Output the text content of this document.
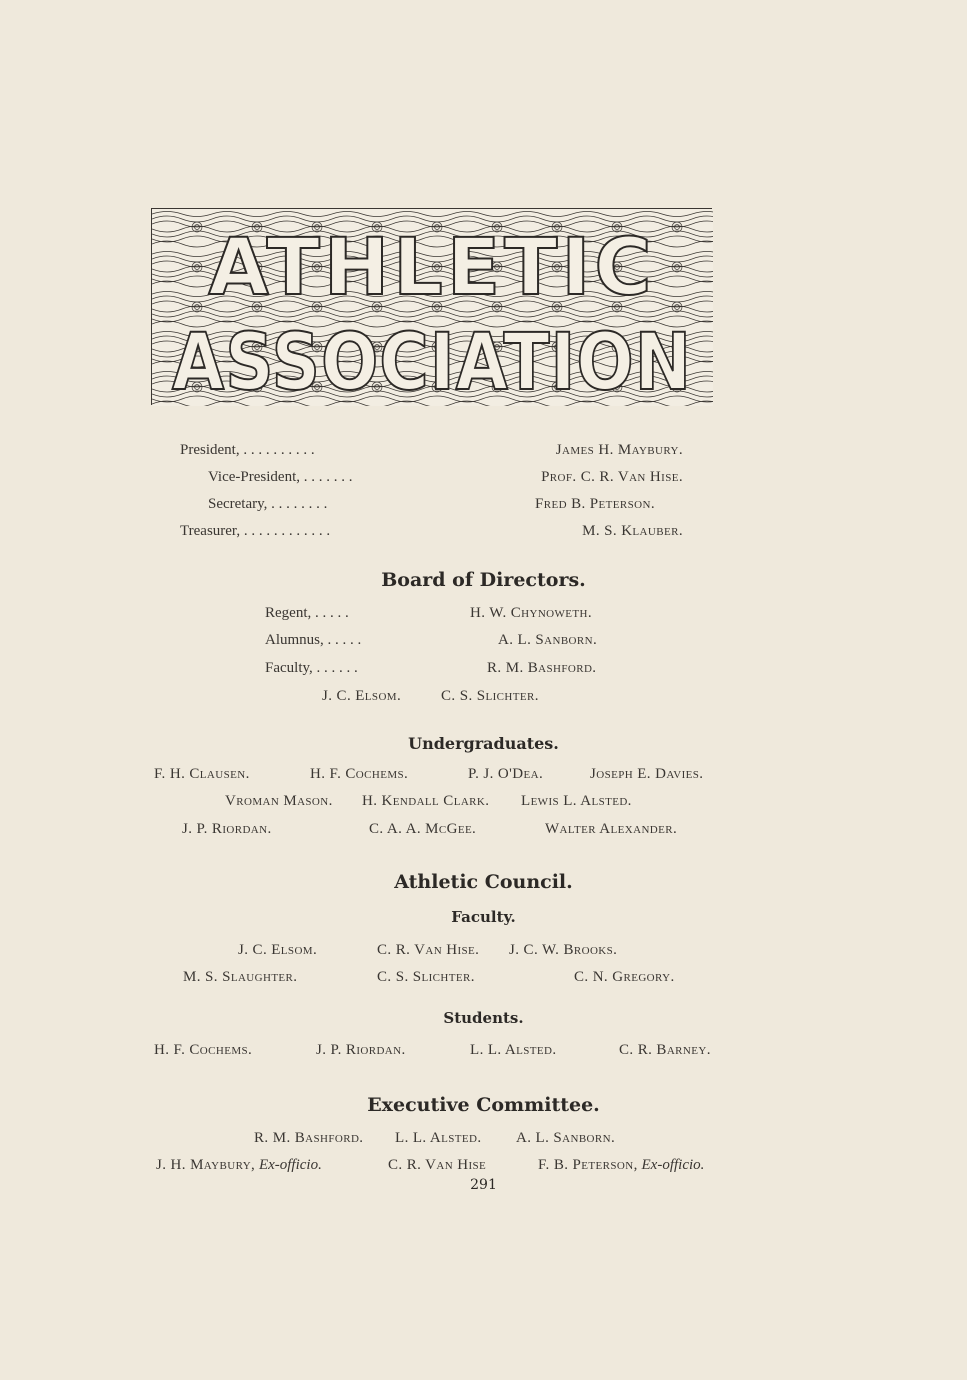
ATHLETIC
ASSOCIATION
President, . . . . . . . . . .	James H. Maybury.
Vice-President, . . . . . . .	Prof. C. R. Van Hise.
Secretary, . . . . . . . .	Fred B. Peterson.
Treasurer, . . . . . . . . . . . .	M. S. Klauber.
Board of Directors.
Regent, . . . . .	H. W. Chynoweth.
Alumnus, . . . . .	A. L. Sanborn.
Faculty, . . . . . .	R. M. Bashford.
J. C. Elsom.	C. S. Slichter.
Undergraduates.
F. H. Clausen.	H. F. Cochems.	P. J. O'Dea.	Joseph E. Davies.
Vroman Mason. H. Kendall Clark. Lewis L. Alsted.
J. P. Riordan.	C. A. A. McGee.	Walter Alexander.
Athletic Council.
Faculty.
J. C. Elsom.	C. R. Van Hise. J. C. W. Brooks.
M. S. Slaughter.	C. S. Slichter.	C. N. Gregory.
Students.
H. F. Cochems.	J. P. Riordan.	L. L. Alsted.	C. R. Barney.
Executive Committee.
R. M. Bashford. L. L. Alsted. A. L. Sanborn.
J. H. Maybury, Ex-officio.	C. R. Van Hise	F. B. Peterson, Ex-officio.
291
